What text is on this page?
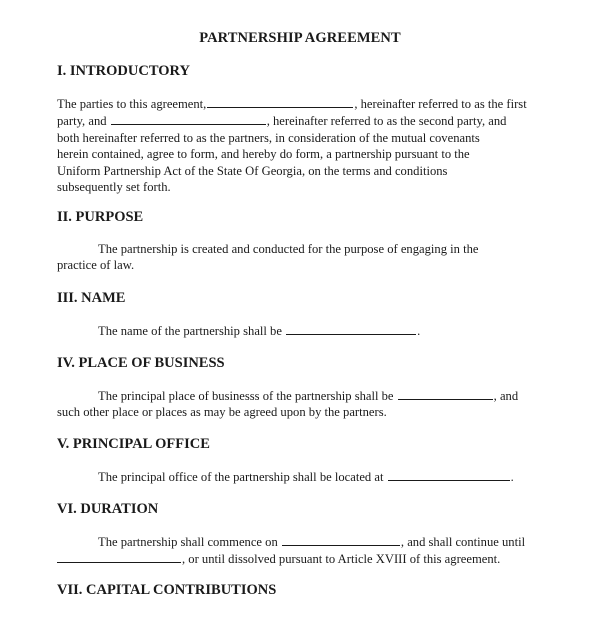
PARTNERSHIP AGREEMENT
I. INTRODUCTORY
The parties to this agreement,	, hereinafter referred to as the first
party, and	, hereinafter referred to as the second party, and
both hereinafter referred to as the partners, in consideration of the mutual covenants
herein contained, agree to form, and hereby do form, a partnership pursuant to the
Uniform Partnership Act of the State Of Georgia, on the terms and conditions
subsequently set forth.
II. PURPOSE
The partnership is created and conducted for the purpose of engaging in the
practice of law.
III. NAME
The name of the partnership shall be	.
IV. PLACE OF BUSINESS
The principal place of businesss of the partnership shall be	, and
such other place or places as may be agreed upon by the partners.
V. PRINCIPAL OFFICE
The principal office of the partnership shall be located at	.
VI. DURATION
The partnership shall commence on	, and shall continue until
, or until dissolved pursuant to Article XVIII of this agreement.
VII. CAPITAL CONTRIBUTIONS
